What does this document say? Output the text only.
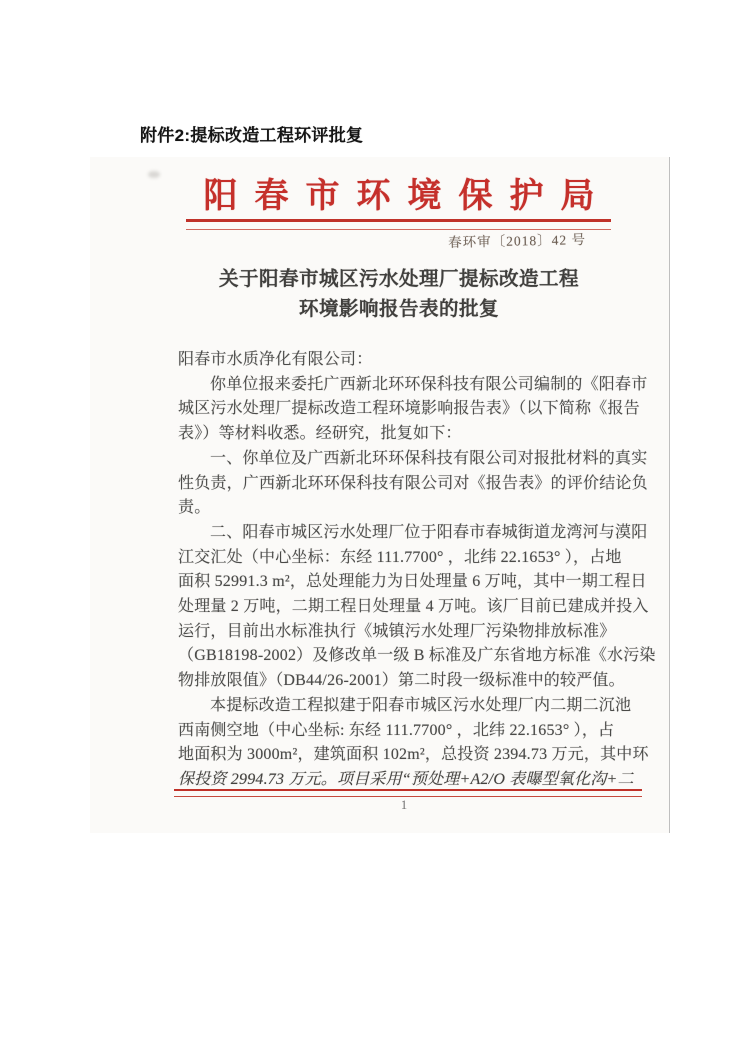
附件2:提标改造工程环评批复
阳春市环境保护局
春环审〔2018〕42 号
关于阳春市城区污水处理厂提标改造工程
环境影响报告表的批复
阳春市水质净化有限公司：
你单位报来委托广西新北环环保科技有限公司编制的《阳春市
城区污水处理厂提标改造工程环境影响报告表》（以下简称《报告
表》）等材料收悉。经研究，批复如下：
一、你单位及广西新北环环保科技有限公司对报批材料的真实
性负责，广西新北环环保科技有限公司对《报告表》的评价结论负
责。
二、阳春市城区污水处理厂位于阳春市春城街道龙湾河与漠阳
江交汇处（中心坐标：东经 111.7700° ，北纬 22.1653° ），占地
面积 52991.3 m²，总处理能力为日处理量 6 万吨，其中一期工程日
处理量 2 万吨，二期工程日处理量 4 万吨。该厂目前已建成并投入
运行，目前出水标准执行《城镇污水处理厂污染物排放标准》
（GB18198-2002）及修改单一级 B 标准及广东省地方标准《水污染
物排放限值》（DB44/26-2001）第二时段一级标准中的较严值。
本提标改造工程拟建于阳春市城区污水处理厂内二期二沉池
西南侧空地（中心坐标: 东经 111.7700° ，北纬 22.1653° ），占
地面积为 3000m²，建筑面积 102m²，总投资 2394.73 万元，其中环
保投资 2994.73 万元。项目采用“预处理+A2/O 表曝型氧化沟+二
1
